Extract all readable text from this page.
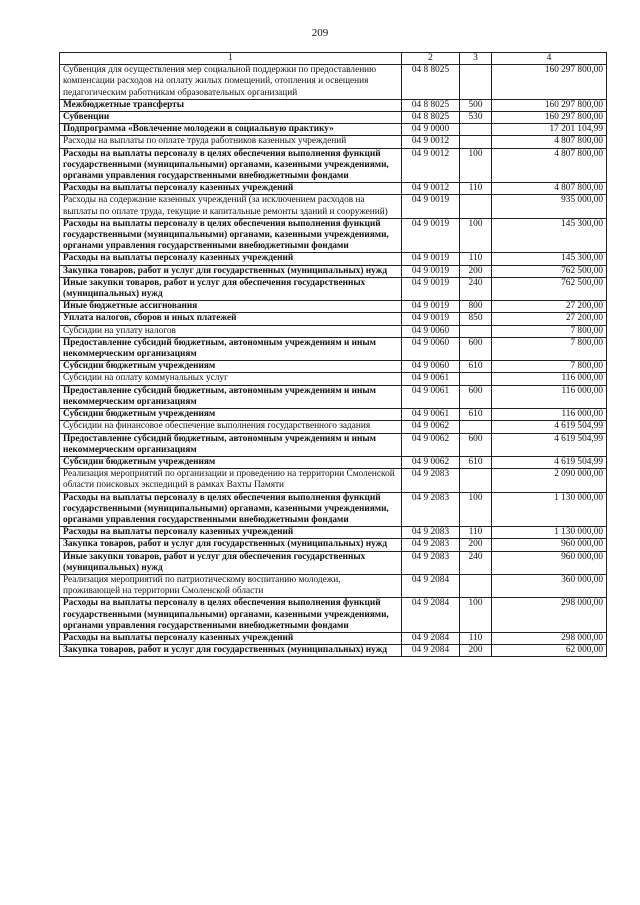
209
1	2	3	4
Субвенция для осуществления мер социальной поддержки по предоставлению компенсации расходов на оплату жилых помещений, отопления и освещения педагогическим работникам образовательных организаций	04 8 8025		160 297 800,00
Межбюджетные трансферты	04 8 8025	500	160 297 800,00
Субвенции	04 8 8025	530	160 297 800,00
Подпрограмма «Вовлечение молодежи в социальную практику»	04 9 0000		17 201 104,99
Расходы на выплаты по оплате труда работников казенных учреждений	04 9 0012		4 807 800,00
Расходы на выплаты персоналу в целях обеспечения выполнения функций государственными (муниципальными) органами, казенными учреждениями, органами управления государственными внебюджетными фондами	04 9 0012	100	4 807 800,00
Расходы на выплаты персоналу казенных учреждений	04 9 0012	110	4 807 800,00
Расходы на содержание казенных учреждений (за исключением расходов на выплаты по оплате труда, текущие и капитальные ремонты зданий и сооружений)	04 9 0019		935 000,00
Расходы на выплаты персоналу в целях обеспечения выполнения функций государственными (муниципальными) органами, казенными учреждениями, органами управления государственными внебюджетными фондами	04 9 0019	100	145 300,00
Расходы на выплаты персоналу казенных учреждений	04 9 0019	110	145 300,00
Закупка товаров, работ и услуг для государственных (муниципальных) нужд	04 9 0019	200	762 500,00
Иные закупки товаров, работ и услуг для обеспечения государственных (муниципальных) нужд	04 9 0019	240	762 500,00
Иные бюджетные ассигнования	04 9 0019	800	27 200,00
Уплата налогов, сборов и иных платежей	04 9 0019	850	27 200,00
Субсидии на уплату налогов	04 9 0060		7 800,00
Предоставление субсидий бюджетным, автономным учреждениям и иным некоммерческим организациям	04 9 0060	600	7 800,00
Субсидии бюджетным учреждениям	04 9 0060	610	7 800,00
Субсидии на оплату коммунальных услуг	04 9 0061		116 000,00
Предоставление субсидий бюджетным, автономным учреждениям и иным некоммерческим организациям	04 9 0061	600	116 000,00
Субсидии бюджетным учреждениям	04 9 0061	610	116 000,00
Субсидии на финансовое обеспечение выполнения государственного задания	04 9 0062		4 619 504,99
Предоставление субсидий бюджетным, автономным учреждениям и иным некоммерческим организациям	04 9 0062	600	4 619 504,99
Субсидии бюджетным учреждениям	04 9 0062	610	4 619 504,99
Реализация мероприятий по организации и проведению на территории Смоленской области поисковых экспедиций в рамках Вахты Памяти	04 9 2083		2 090 000,00
Расходы на выплаты персоналу в целях обеспечения выполнения функций государственными (муниципальными) органами, казенными учреждениями, органами управления государственными внебюджетными фондами	04 9 2083	100	1 130 000,00
Расходы на выплаты персоналу казенных учреждений	04 9 2083	110	1 130 000,00
Закупка товаров, работ и услуг для государственных (муниципальных) нужд	04 9 2083	200	960 000,00
Иные закупки товаров, работ и услуг для обеспечения государственных (муниципальных) нужд	04 9 2083	240	960 000,00
Реализация мероприятий по патриотическому воспитанию молодежи, проживающей на территории Смоленской области	04 9 2084		360 000,00
Расходы на выплаты персоналу в целях обеспечения выполнения функций государственными (муниципальными) органами, казенными учреждениями, органами управления государственными внебюджетными фондами	04 9 2084	100	298 000,00
Расходы на выплаты персоналу казенных учреждений	04 9 2084	110	298 000,00
Закупка товаров, работ и услуг для государственных (муниципальных) нужд	04 9 2084	200	62 000,00
